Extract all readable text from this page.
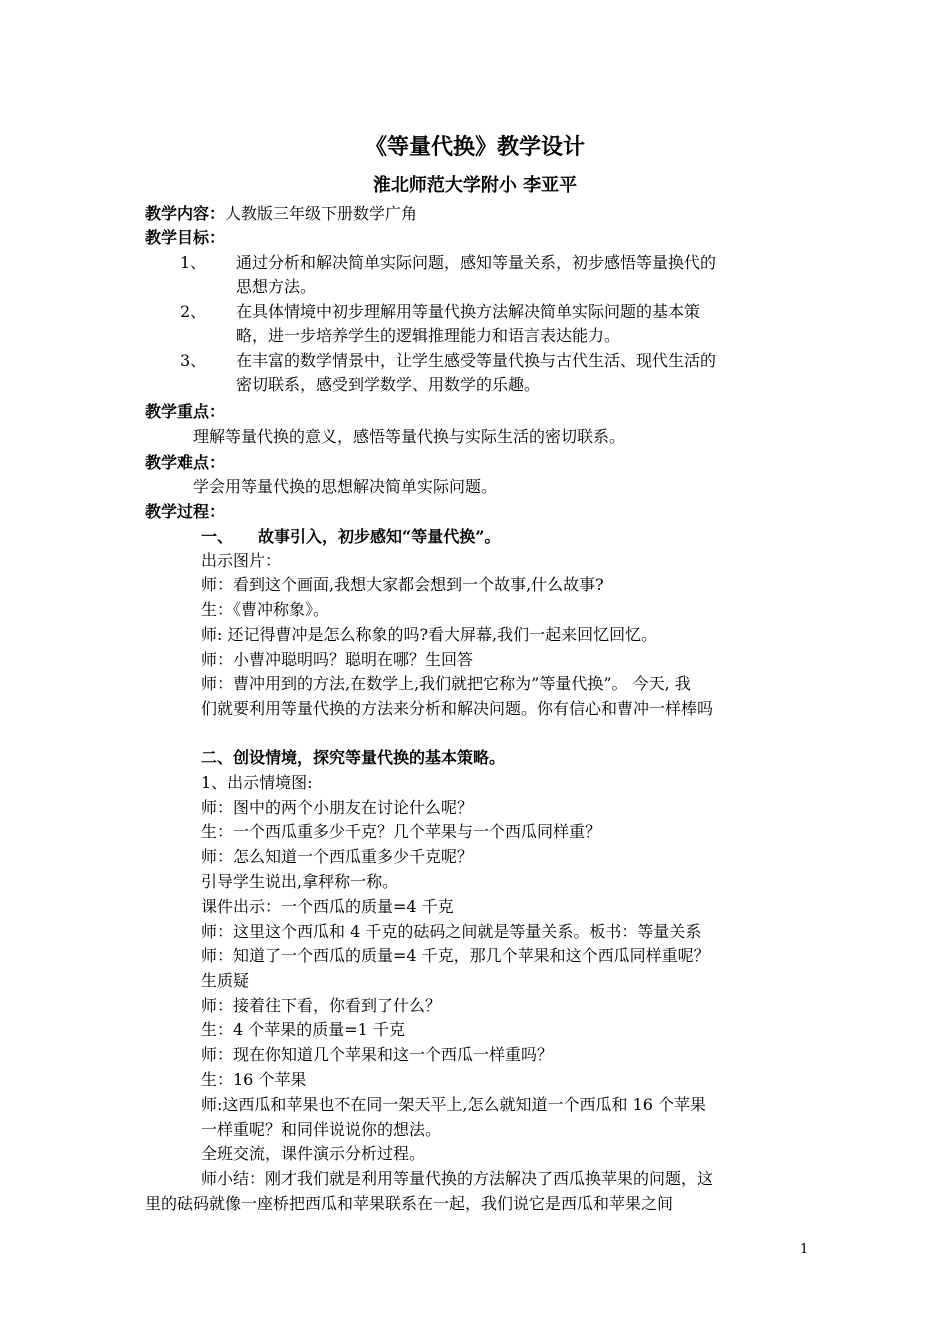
《等量代换》教学设计
淮北师范大学附小 李亚平
教学内容：人教版三年级下册数学广角
教学目标：
1、 通过分析和解决简单实际问题，感知等量关系，初步感悟等量换代的
思想方法。
2、 在具体情境中初步理解用等量代换方法解决简单实际问题的基本策
略，进一步培养学生的逻辑推理能力和语言表达能力。
3、 在丰富的数学情景中，让学生感受等量代换与古代生活、现代生活的
密切联系，感受到学数学、用数学的乐趣。
教学重点：
理解等量代换的意义，感悟等量代换与实际生活的密切联系。
教学难点：
学会用等量代换的思想解决简单实际问题。
教学过程：
一、 故事引入，初步感知“等量代换”。
出示图片：
师：看到这个画面,我想大家都会想到一个故事,什么故事?
生：《曹冲称象》。
师: 还记得曹冲是怎么称象的吗?看大屏幕,我们一起来回忆回忆。
师：小曹冲聪明吗？聪明在哪？生回答
师：曹冲用到的方法,在数学上,我们就把它称为”等量代换”。 今天, 我
们就要利用等量代换的方法来分析和解决问题。你有信心和曹冲一样棒吗
二、创设情境，探究等量代换的基本策略。
1、出示情境图:
师：图中的两个小朋友在讨论什么呢？
生：一个西瓜重多少千克？几个苹果与一个西瓜同样重？
师：怎么知道一个西瓜重多少千克呢？
引导学生说出,拿秤称一称。
课件出示：一个西瓜的质量=4 千克
师：这里这个西瓜和 4 千克的砝码之间就是等量关系。板书：等量关系
师：知道了一个西瓜的质量=4 千克，那几个苹果和这个西瓜同样重呢？
生质疑
师：接着往下看，你看到了什么？
生：4 个苹果的质量=1 千克
师：现在你知道几个苹果和这一个西瓜一样重吗？
生：16 个苹果
师:这西瓜和苹果也不在同一架天平上,怎么就知道一个西瓜和 16 个苹果
一样重呢？和同伴说说你的想法。
全班交流，课件演示分析过程。
师小结：刚才我们就是利用等量代换的方法解决了西瓜换苹果的问题，这
里的砝码就像一座桥把西瓜和苹果联系在一起，我们说它是西瓜和苹果之间
1
